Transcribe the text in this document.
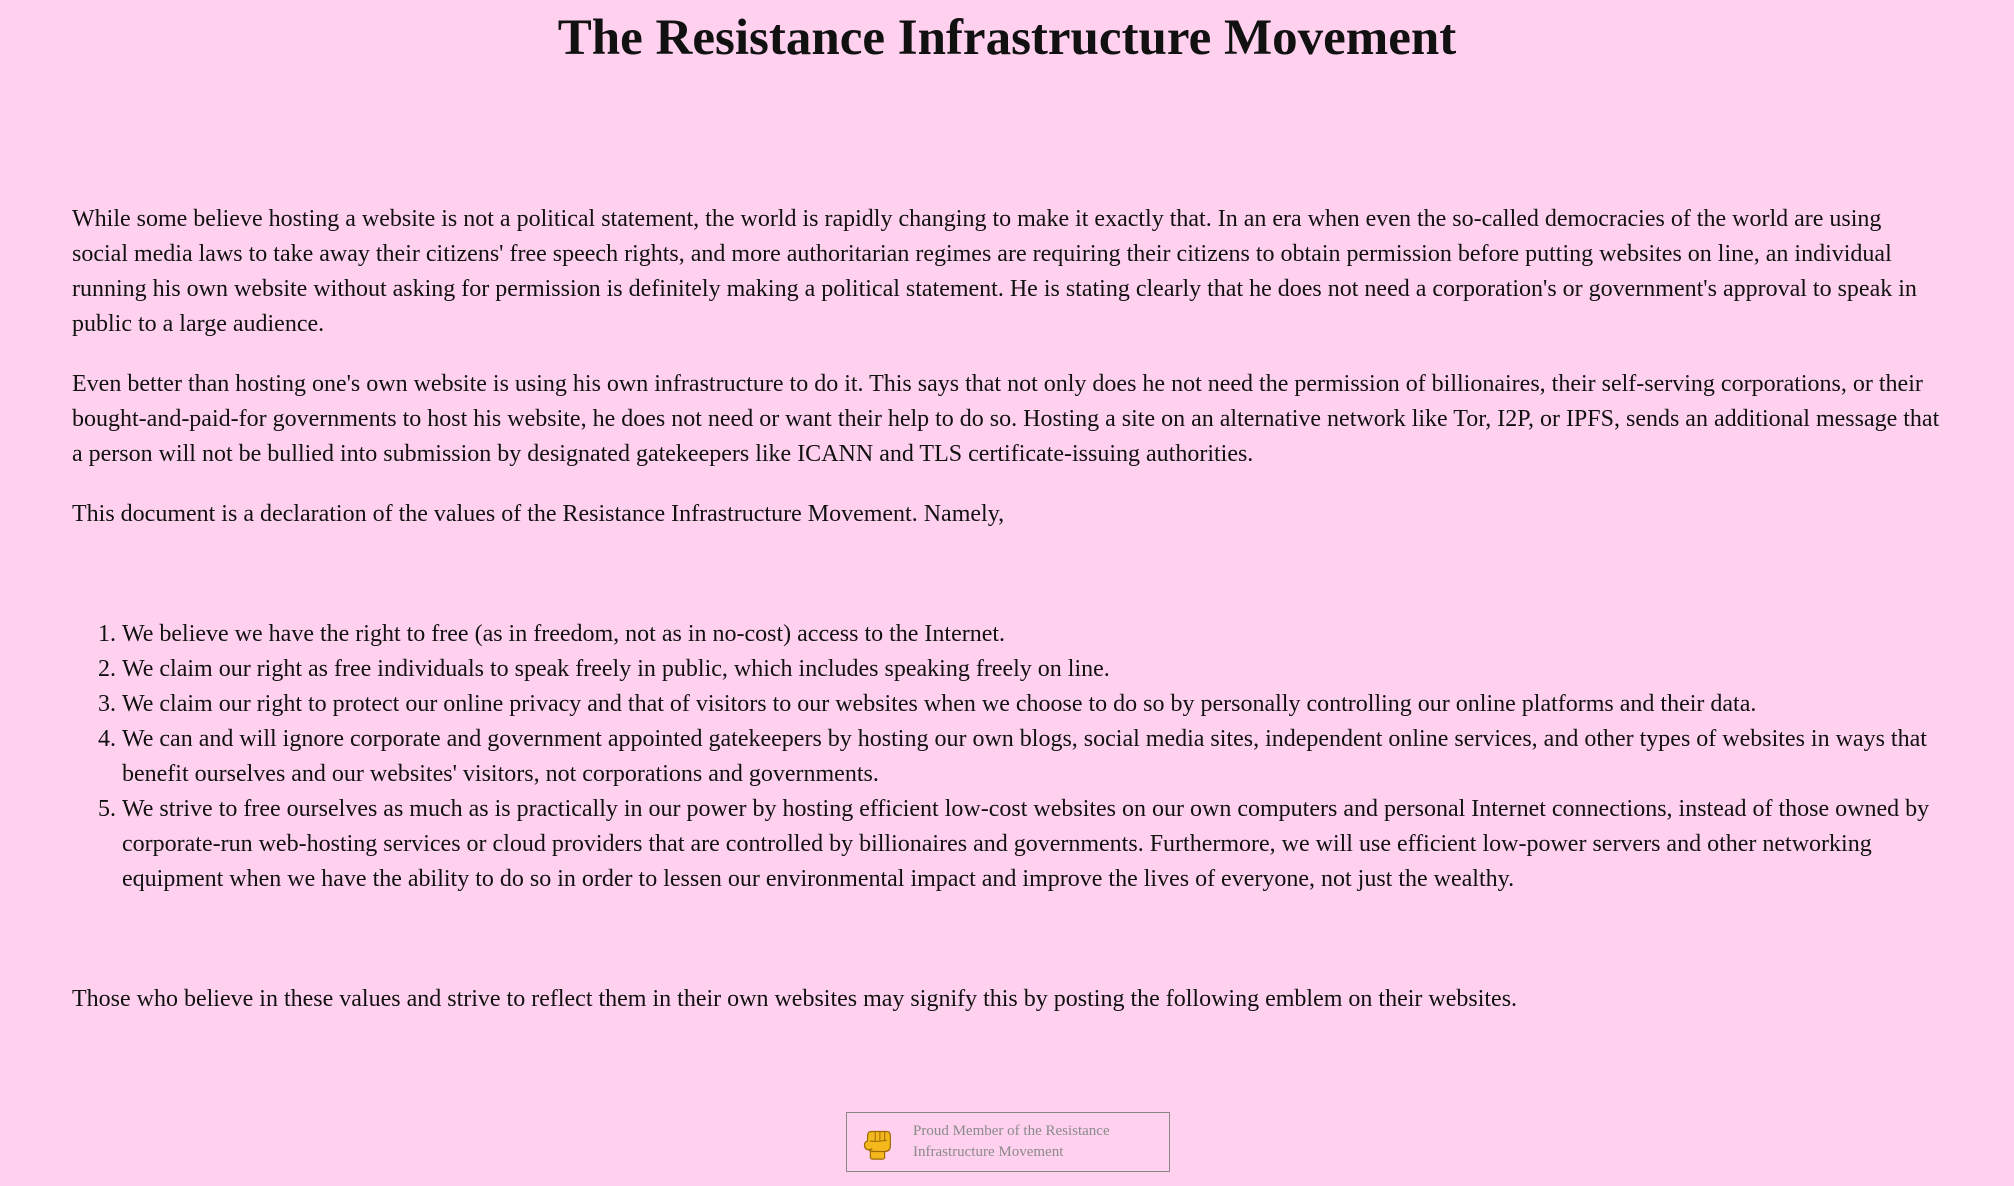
The Resistance Infrastructure Movement

While some believe hosting a website is not a political statement, the world is rapidly changing to make it exactly that. In an era when even the so-called democracies of the world are using social media laws to take away their citizens' free speech rights, and more authoritarian regimes are requiring their citizens to obtain permission before putting websites on line, an individual running his own website without asking for permission is definitely making a political statement. He is stating clearly that he does not need a corporation's or government's approval to speak in public to a large audience.

Even better than hosting one's own website is using his own infrastructure to do it. This says that not only does he not need the permission of billionaires, their self-serving corporations, or their bought-and-paid-for governments to host his website, he does not need or want their help to do so. Hosting a site on an alternative network like Tor, I2P, or IPFS, sends an additional message that a person will not be bullied into submission by designated gatekeepers like ICANN and TLS certificate-issuing authorities.

This document is a declaration of the values of the Resistance Infrastructure Movement. Namely,

1. We believe we have the right to free (as in freedom, not as in no-cost) access to the Internet.
2. We claim our right as free individuals to speak freely in public, which includes speaking freely on line.
3. We claim our right to protect our online privacy and that of visitors to our websites when we choose to do so by personally controlling our online platforms and their data.
4. We can and will ignore corporate and government appointed gatekeepers by hosting our own blogs, social media sites, independent online services, and other types of websites in ways that benefit ourselves and our websites' visitors, not corporations and governments.
5. We strive to free ourselves as much as is practically in our power by hosting efficient low-cost websites on our own computers and personal Internet connections, instead of those owned by corporate-run web-hosting services or cloud providers that are controlled by billionaires and governments. Furthermore, we will use efficient low-power servers and other networking equipment when we have the ability to do so in order to lessen our environmental impact and improve the lives of everyone, not just the wealthy.

Those who believe in these values and strive to reflect them in their own websites may signify this by posting the following emblem on their websites.

Proud Member of the Resistance Infrastructure Movement
